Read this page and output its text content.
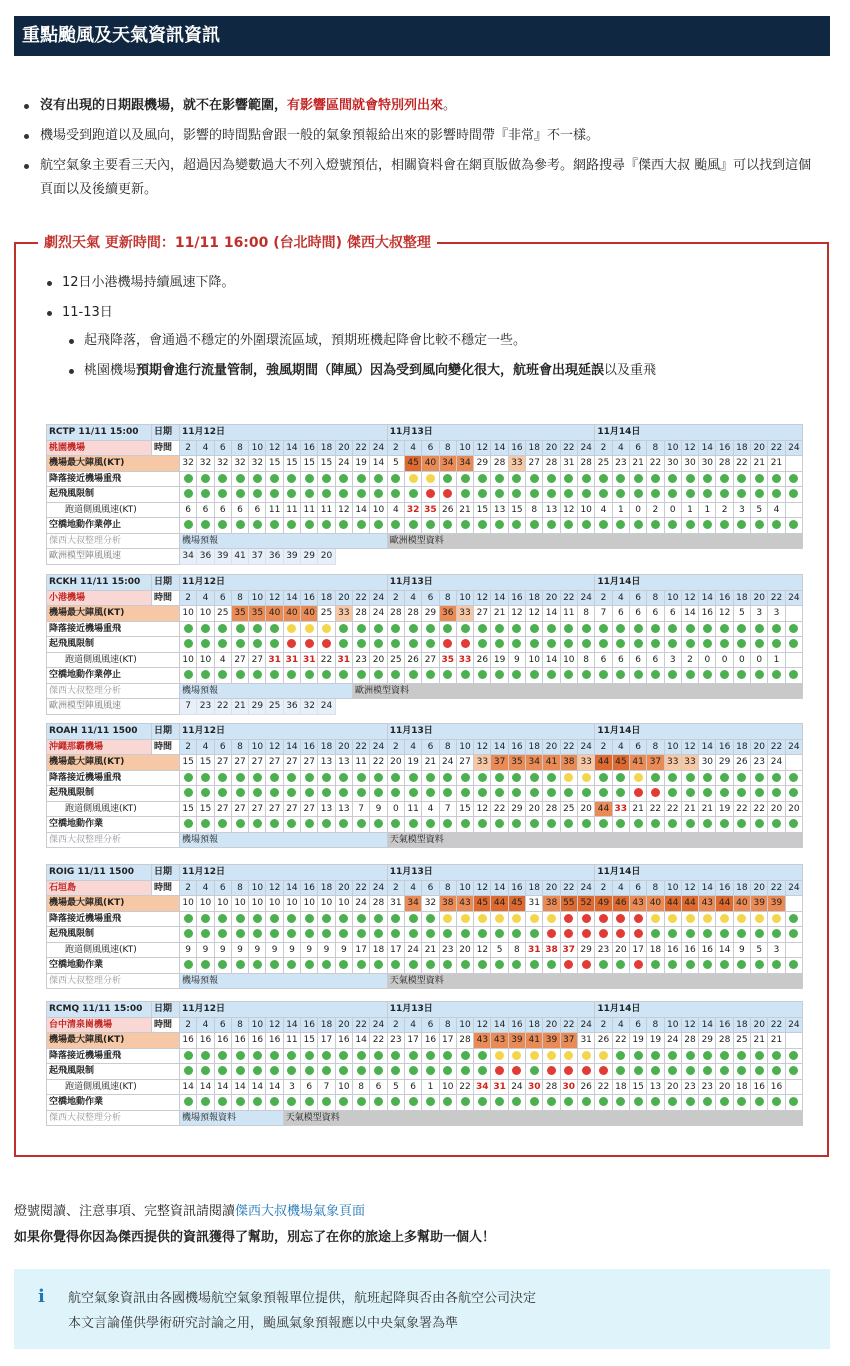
重點颱風及天氣資訊資訊
沒有出現的日期跟機場，就不在影響範圍，有影響區間就會特別列出來。
機場受到跑道以及風向，影響的時間點會跟一般的氣象預報給出來的影響時間帶『非常』不一樣。
航空氣象主要看三天內，超過因為變數過大不列入燈號預估，相關資料會在網頁版做為參考。網路搜尋『傑西大叔 颱風』可以找到這個頁面以及後續更新。
劇烈天氣 更新時間：11/11 16:00 (台北時間) 傑西大叔整理
12日小港機場持續風速下降。
11-13日
起飛降落，會通過不穩定的外圍環流區域，預期班機起降會比較不穩定一些。
桃園機場預期會進行流量管制，強風期間（陣風）因為受到風向變化很大，航班會出現延誤以及重飛
RCTP 11/11 15:00	日期	11月12日												11月13日												11月14日											
桃園機場	時間	2	4	6	8	10	12	14	16	18	20	22	24	2	4	6	8	10	12	14	16	18	20	22	24	2	4	6	8	10	12	14	16	18	20	22	24
機場最大陣風(KT)		32	32	32	32	32	15	15	15	15	24	19	14	5	45	40	34	34	29	28	33	27	28	31	28	25	23	21	22	30	30	30	28	22	21	21	
降落接近機場重飛																																					
起飛風限制																																					
跑道側風風速(KT)		6	6	6	6	6	11	11	11	11	12	14	10	4	32	35	26	21	15	13	15	8	13	12	10	4	1	0	2	0	1	1	2	3	5	4	
空橋地動作業停止																																					
傑西大叔整理分析		機場預報												歐洲模型資料																							
歐洲模型陣風風速		34	36	39	41	37	36	39	29	20																											
RCKH 11/11 15:00	日期	11月12日												11月13日												11月14日											
小港機場	時間	2	4	6	8	10	12	14	16	18	20	22	24	2	4	6	8	10	12	14	16	18	20	22	24	2	4	6	8	10	12	14	16	18	20	22	24
機場最大陣風(KT)		10	10	25	35	35	40	40	40	25	33	28	24	28	28	29	36	33	27	21	12	12	14	11	8	7	6	6	6	6	14	16	12	5	3	3	
降落接近機場重飛																																					
起飛風限制																																					
跑道側風風速(KT)		10	10	4	27	27	31	31	31	22	31	23	20	25	26	27	35	33	26	19	9	10	14	10	8	6	6	6	6	3	2	0	0	0	0	1	
空橋地動作業停止																																					
傑西大叔整理分析		機場預報										歐洲模型資料																									
歐洲模型陣風風速		7	23	22	21	29	25	36	32	24																											
ROAH 11/11 1500	日期	11月12日												11月13日												11月14日											
沖繩那霸機場	時間	2	4	6	8	10	12	14	16	18	20	22	24	2	4	6	8	10	12	14	16	18	20	22	24	2	4	6	8	10	12	14	16	18	20	22	24
機場最大陣風(KT)		15	15	27	27	27	27	27	27	13	13	11	22	20	19	21	24	27	33	37	35	34	41	38	33	44	45	41	37	33	33	30	29	26	23	24	
降落接近機場重飛																																					
起飛風限制																																					
跑道側風風速(KT)		15	15	27	27	27	27	27	27	13	13	7	9	0	11	4	7	15	12	22	29	20	28	25	20	44	33	21	22	22	21	21	19	22	22	20	20
空橋地動作業																																					
傑西大叔整理分析		機場預報												天氣模型資料																							
ROIG 11/11 1500	日期	11月12日												11月13日												11月14日											
石垣島	時間	2	4	6	8	10	12	14	16	18	20	22	24	2	4	6	8	10	12	14	16	18	20	22	24	2	4	6	8	10	12	14	16	18	20	22	24
機場最大陣風(KT)		10	10	10	10	10	10	10	10	10	10	24	28	31	34	32	38	43	45	44	45	31	38	55	52	49	46	43	40	44	44	43	44	40	39	39	
降落接近機場重飛																																					
起飛風限制																																					
跑道側風風速(KT)		9	9	9	9	9	9	9	9	9	9	17	18	17	24	21	23	20	12	5	8	31	38	37	29	23	20	17	18	16	16	16	14	9	5	3	
空橋地動作業																																					
傑西大叔整理分析		機場預報												天氣模型資料																							
RCMQ 11/11 15:00	日期	11月12日												11月13日												11月14日											
台中清泉崗機場	時間	2	4	6	8	10	12	14	16	18	20	22	24	2	4	6	8	10	12	14	16	18	20	22	24	2	4	6	8	10	12	14	16	18	20	22	24
機場最大陣風(KT)		16	16	16	16	16	16	11	15	17	16	14	22	23	17	16	17	28	43	43	39	41	39	37	31	26	22	19	19	24	28	29	28	25	21	21	
降落接近機場重飛																																					
起飛風限制																																					
跑道側風風速(KT)		14	14	14	14	14	14	3	6	7	10	8	6	5	6	1	10	22	34	31	24	30	28	30	26	22	18	15	13	20	23	23	20	18	16	16	
空橋地動作業																																					
傑西大叔整理分析		機場預報資料						天氣模型資料																													
燈號閱讀、注意事項、完整資訊請閱讀傑西大叔機場氣象頁面
如果你覺得你因為傑西提供的資訊獲得了幫助，別忘了在你的旅途上多幫助一個人！
i 航空氣象資訊由各國機場航空氣象預報單位提供，航班起降與否由各航空公司決定
本文言論僅供學術研究討論之用，颱風氣象預報應以中央氣象署為準
